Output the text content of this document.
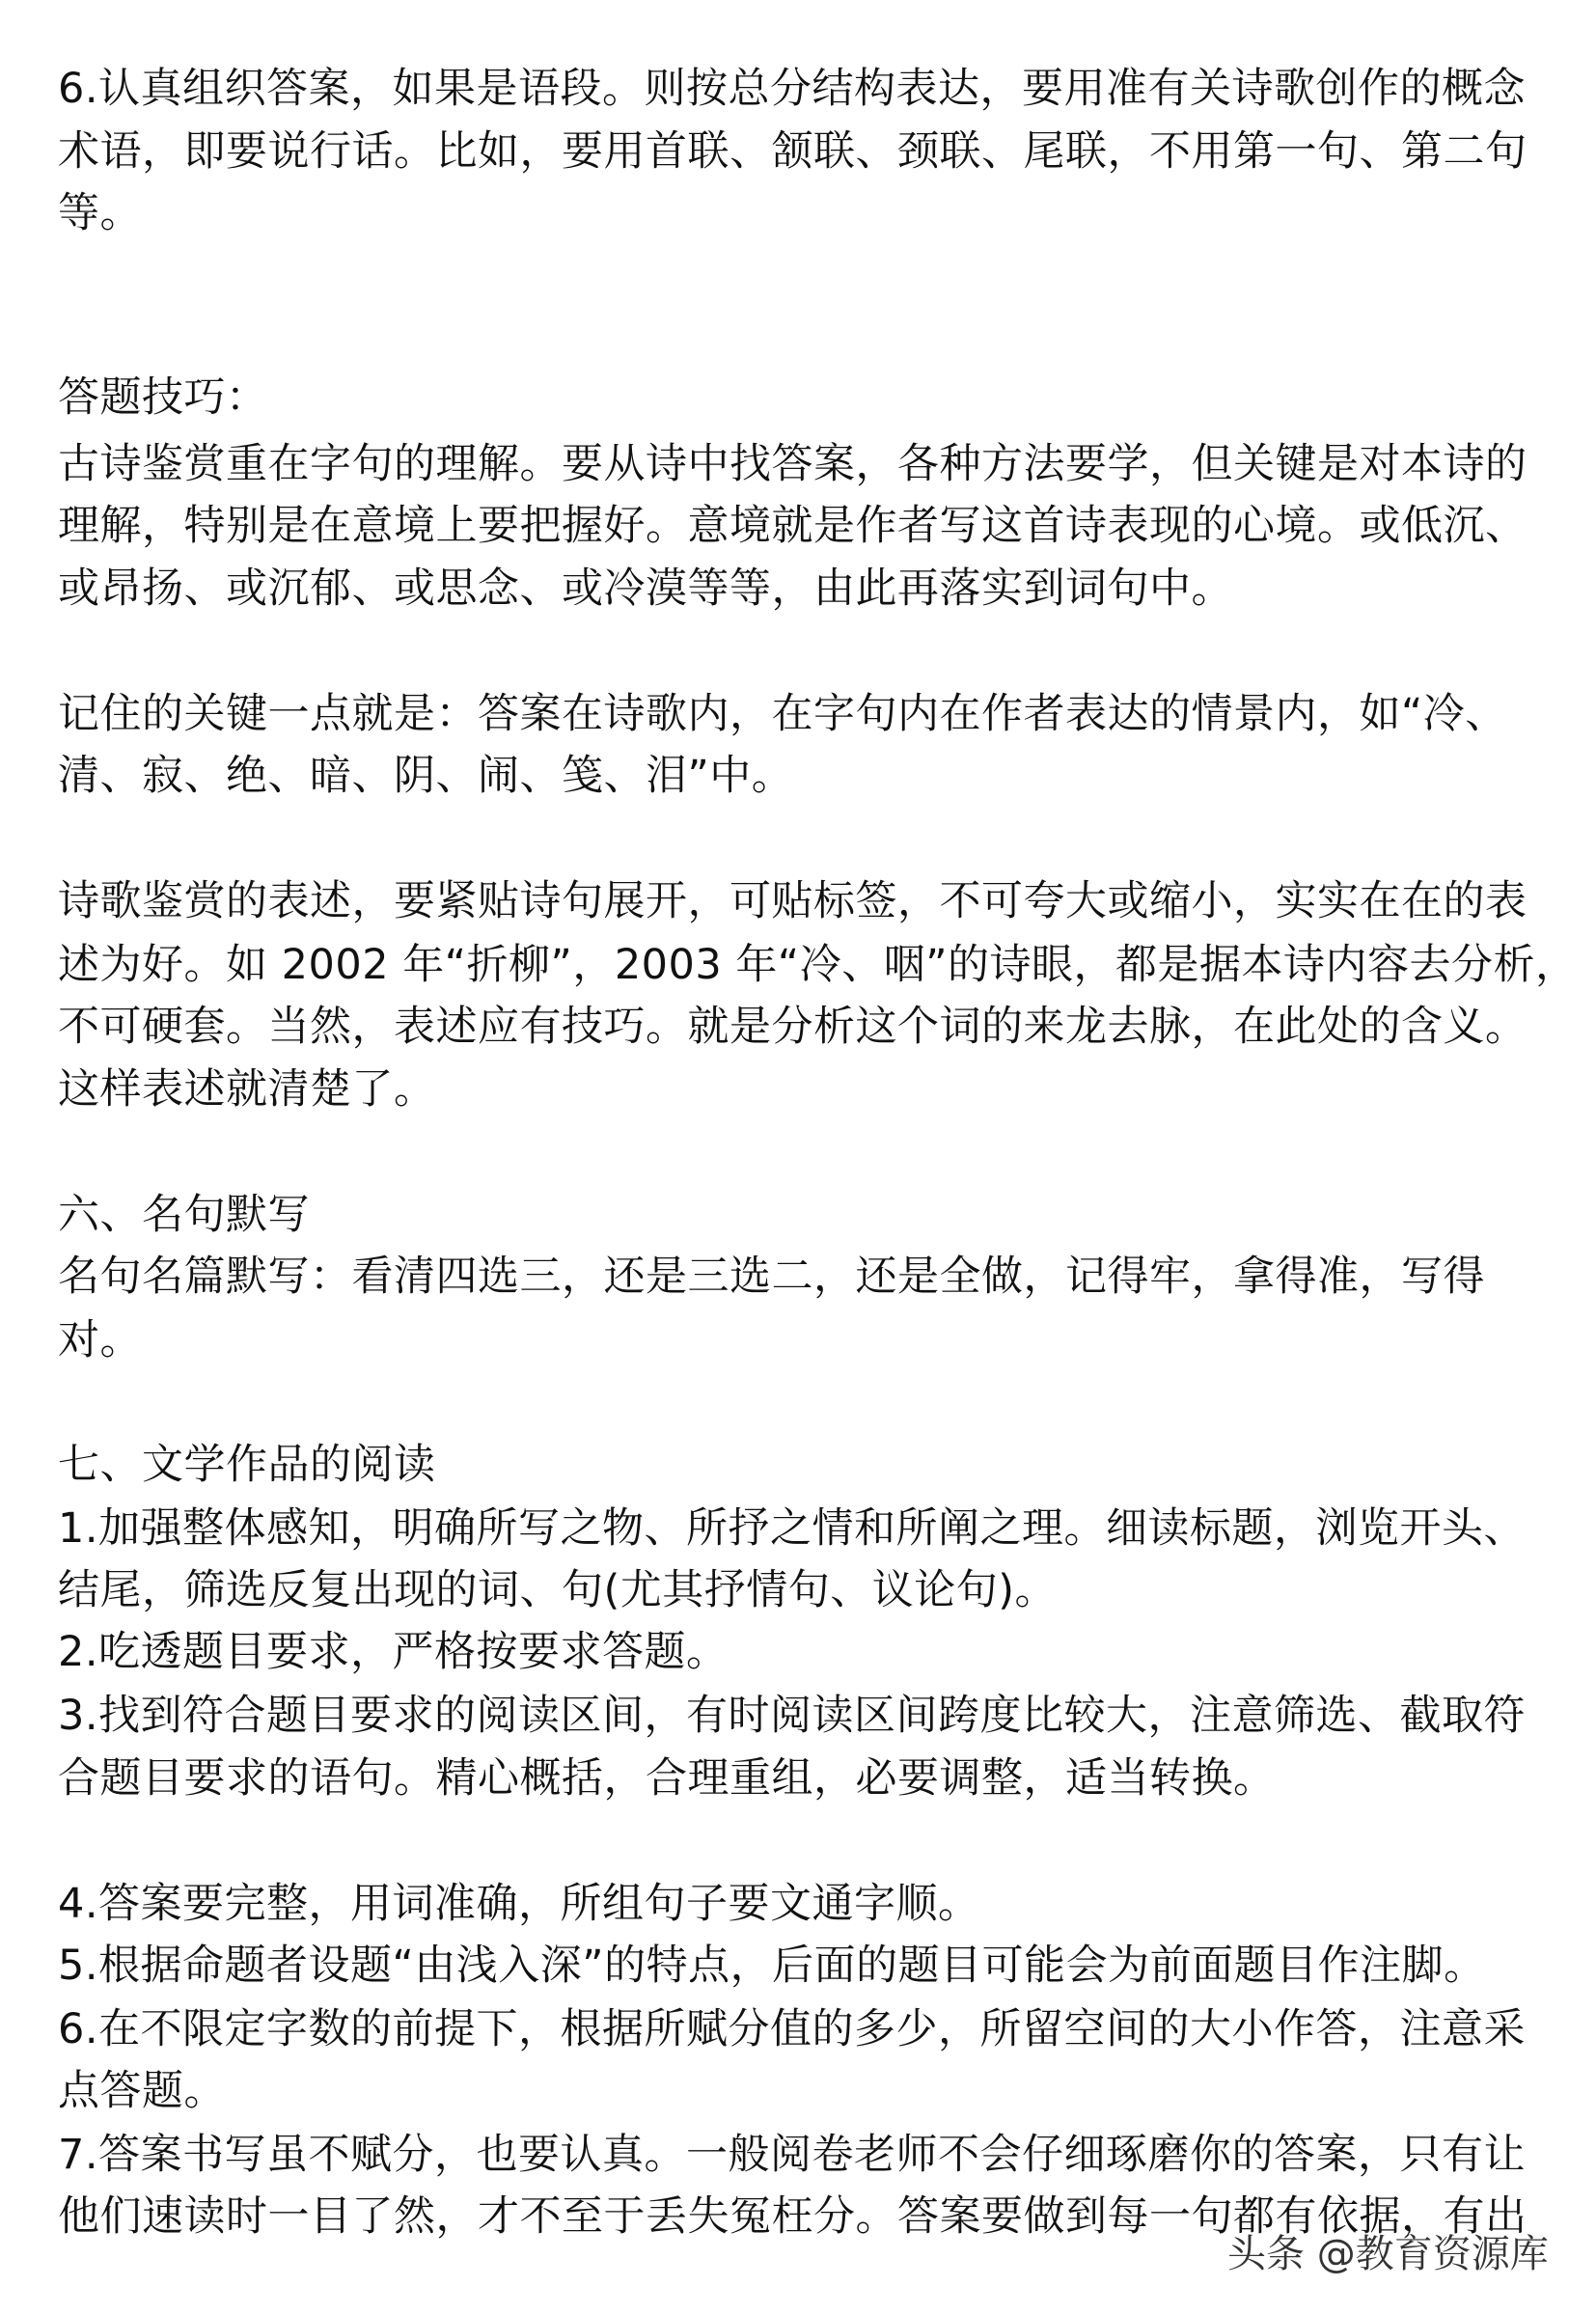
6.认真组织答案，如果是语段。则按总分结构表达，要用准有关诗歌创作的概念
术语，即要说行话。比如，要用首联、颔联、颈联、尾联，不用第一句、第二句
等。
答题技巧：
古诗鉴赏重在字句的理解。要从诗中找答案，各种方法要学，但关键是对本诗的
理解，特别是在意境上要把握好。意境就是作者写这首诗表现的心境。或低沉、
或昂扬、或沉郁、或思念、或冷漠等等，由此再落实到词句中。
记住的关键一点就是：答案在诗歌内，在字句内在作者表达的情景内，如“冷、
清、寂、绝、暗、阴、闹、笺、泪”中。
诗歌鉴赏的表述，要紧贴诗句展开，可贴标签，不可夸大或缩小，实实在在的表
述为好。如 2002 年“折柳”，2003 年“冷、咽”的诗眼，都是据本诗内容去分析，
不可硬套。当然，表述应有技巧。就是分析这个词的来龙去脉，在此处的含义。
这样表述就清楚了。
六、名句默写
名句名篇默写：看清四选三，还是三选二，还是全做，记得牢，拿得准，写得
对。
七、文学作品的阅读
1.加强整体感知，明确所写之物、所抒之情和所阐之理。细读标题，浏览开头、
结尾，筛选反复出现的词、句(尤其抒情句、议论句)。
2.吃透题目要求，严格按要求答题。
3.找到符合题目要求的阅读区间，有时阅读区间跨度比较大，注意筛选、截取符
合题目要求的语句。精心概括，合理重组，必要调整，适当转换。
4.答案要完整，用词准确，所组句子要文通字顺。
5.根据命题者设题“由浅入深”的特点，后面的题目可能会为前面题目作注脚。
6.在不限定字数的前提下，根据所赋分值的多少，所留空间的大小作答，注意采
点答题。
7.答案书写虽不赋分，也要认真。一般阅卷老师不会仔细琢磨你的答案，只有让
他们速读时一目了然，才不至于丢失冤枉分。答案要做到每一句都有依据，有出
头条 @教育资源库
